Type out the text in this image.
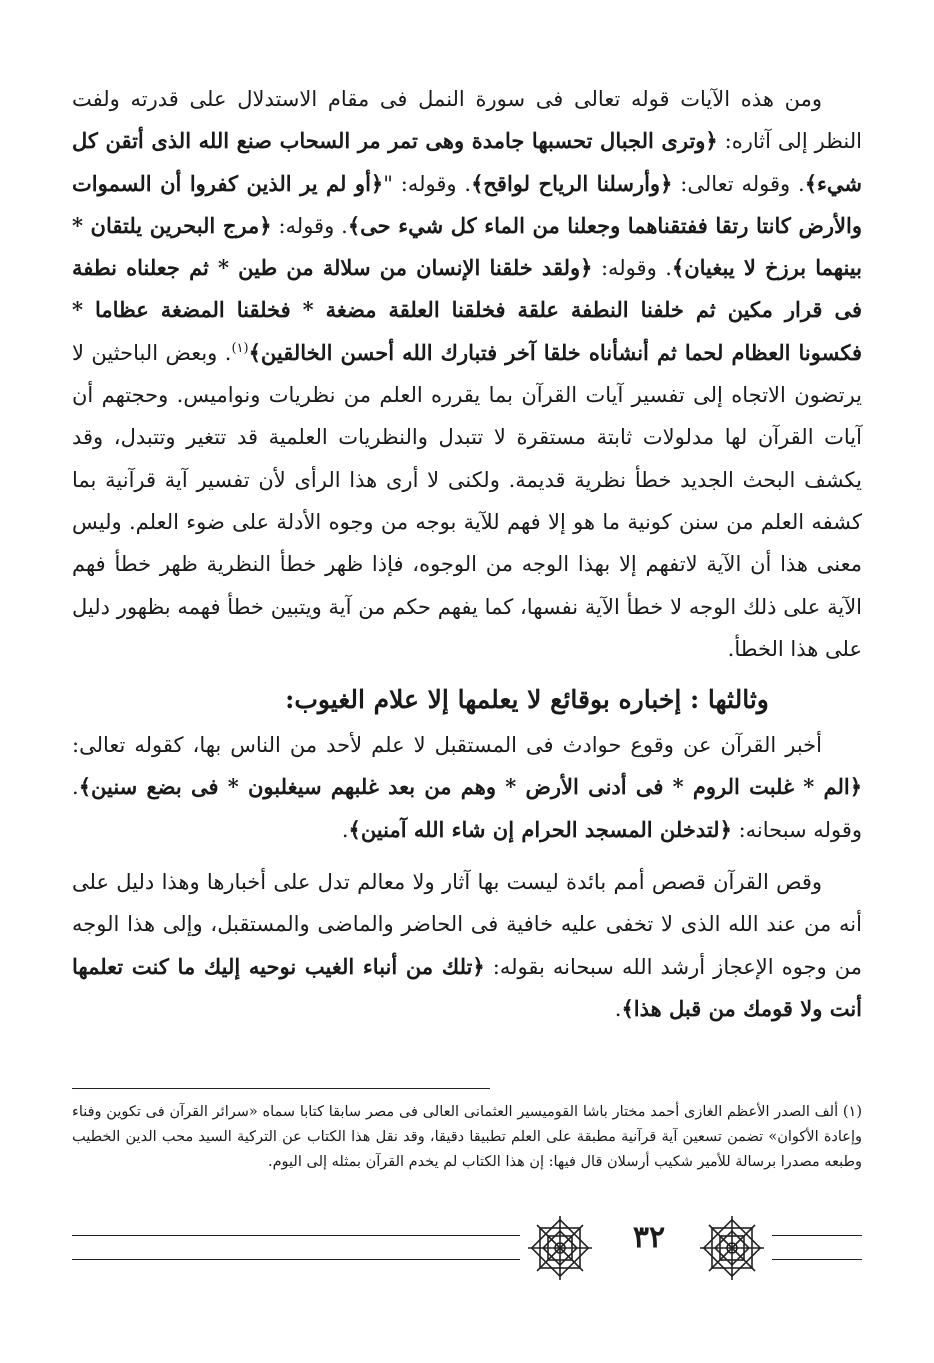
ومن هذه الآيات قوله تعالى فى سورة النمل فى مقام الاستدلال على قدرته ولفت النظر إلى آثاره: ﴿وترى الجبال تحسبها جامدة وهى تمر مر السحاب صنع الله الذى أتقن كل شيء﴾. وقوله تعالى: ﴿وأرسلنا الرياح لواقح﴾. وقوله: "﴿أو لم ير الذين كفروا أن السموات والأرض كانتا رتقا ففتقناهما وجعلنا من الماء كل شيء حى﴾. وقوله: ﴿مرج البحرين يلتقان * بينهما برزخ لا يبغيان﴾. وقوله: ﴿ولقد خلقنا الإنسان من سلالة من طين * ثم جعلناه نطفة فى قرار مكين ثم خلفنا النطفة علقة فخلقنا العلقة مضغة * فخلقنا المضغة عظاما * فكسونا العظام لحما ثم أنشأناه خلقا آخر فتبارك الله أحسن الخالقين﴾$^{(١)}$. وبعض الباحثين لا يرتضون الاتجاه إلى تفسير آيات القرآن بما يقرره العلم من نظريات ونواميس. وحجتهم أن آيات القرآن لها مدلولات ثابتة مستقرة لا تتبدل والنظريات العلمية قد تتغير وتتبدل، وقد يكشف البحث الجديد خطأ نظرية قديمة. ولكنى لا أرى هذا الرأى لأن تفسير آية قرآنية بما كشفه العلم من سنن كونية ما هو إلا فهم للآية بوجه من وجوه الأدلة على ضوء العلم. وليس معنى هذا أن الآية لاتفهم إلا بهذا الوجه من الوجوه، فإذا ظهر خطأ النظرية ظهر خطأ فهم الآية على ذلك الوجه لا خطأ الآية نفسها، كما يفهم حكم من آية ويتبين خطأ فهمه بظهور دليل على هذا الخطأ.

وثالثها : إخباره بوقائع لا يعلمها إلا علام الغيوب:

أخبر القرآن عن وقوع حوادث فى المستقبل لا علم لأحد من الناس بها، كقوله تعالى: ﴿الم * غلبت الروم * فى أدنى الأرض * وهم من بعد غلبهم سيغلبون * فى بضع سنين﴾. وقوله سبحانه: ﴿لتدخلن المسجد الحرام إن شاء الله آمنين﴾.

وقص القرآن قصص أمم بائدة ليست بها آثار ولا معالم تدل على أخبارها وهذا دليل على أنه من عند الله الذى لا تخفى عليه خافية فى الحاضر والماضى والمستقبل، وإلى هذا الوجه من وجوه الإعجاز أرشد الله سبحانه بقوله: ﴿تلك من أنباء الغيب نوحيه إليك ما كنت تعلمها أنت ولا قومك من قبل هذا﴾.

(١) ألف الصدر الأعظم الغازى أحمد مختار باشا القوميسير العثمانى العالى فى مصر سابقا كتابا سماه «سرائر القرآن فى تكوين وفناء وإعادة الأكوان» تضمن تسعين آية قرآنية مطبقة على العلم تطبيقا دقيقا، وقد نقل هذا الكتاب عن التركية السيد محب الدين الخطيب وطبعه مصدرا برسالة للأمير شكيب أرسلان قال فيها: إن هذا الكتاب لم يخدم القرآن بمثله إلى اليوم.
٣٢
